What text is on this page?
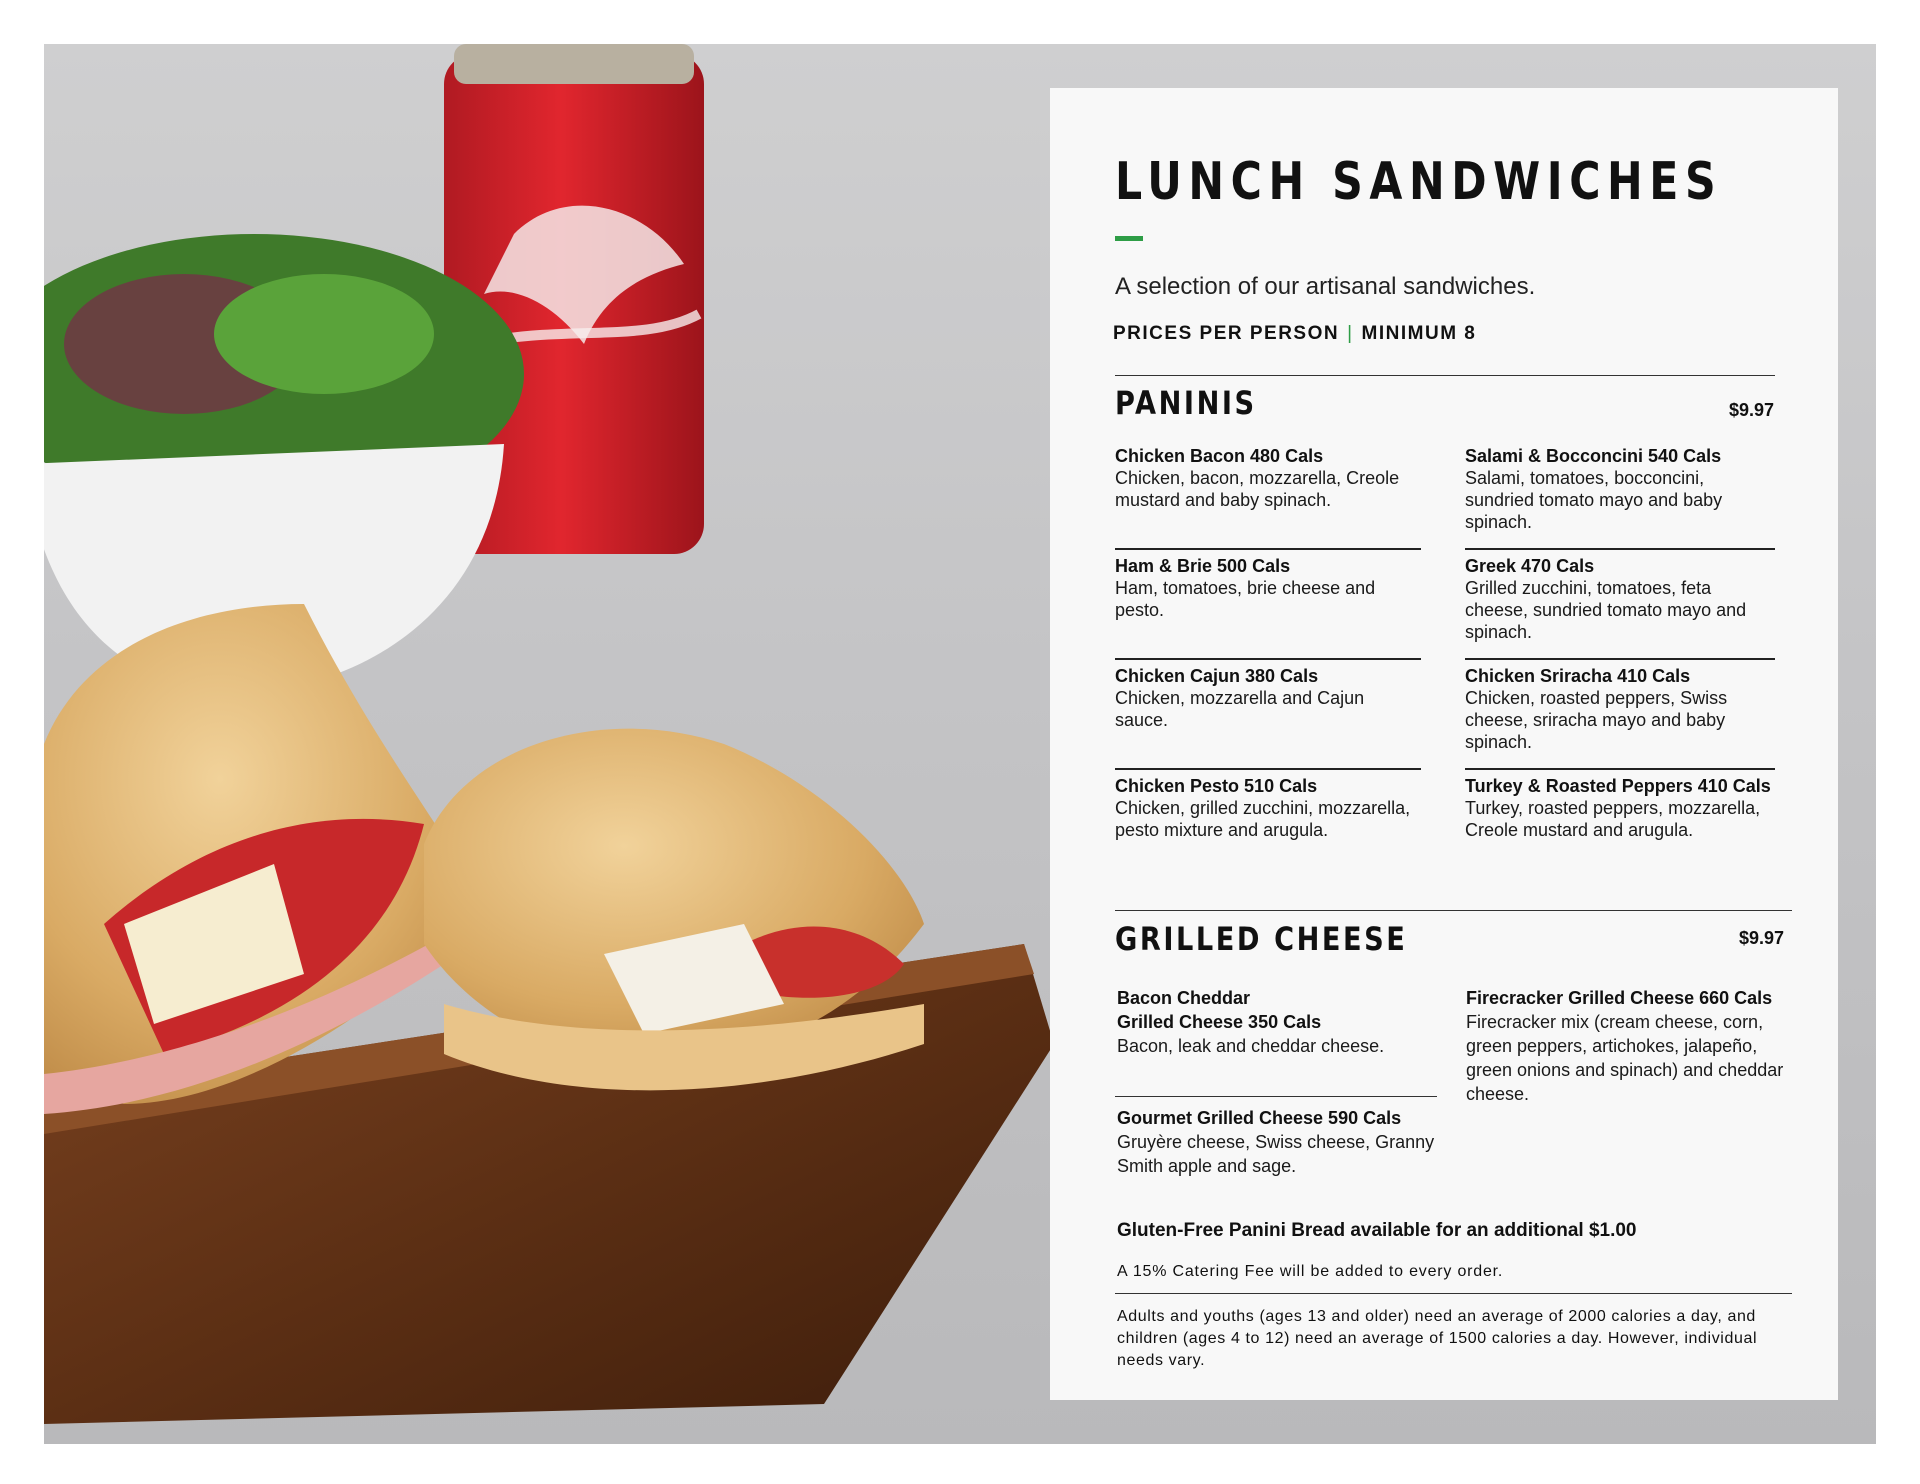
LUNCH SANDWICHES
A selection of our artisanal sandwiches.
PRICES PER PERSON | MINIMUM 8
PANINIS	$9.97
Chicken Bacon 480 Cals
Chicken, bacon, mozzarella, Creole mustard and baby spinach.
Salami & Bocconcini 540 Cals
Salami, tomatoes, bocconcini, sundried tomato mayo and baby spinach.
Ham & Brie 500 Cals
Ham, tomatoes, brie cheese and pesto.
Greek 470 Cals
Grilled zucchini, tomatoes, feta cheese, sundried tomato mayo and spinach.
Chicken Cajun 380 Cals
Chicken, mozzarella and Cajun sauce.
Chicken Sriracha 410 Cals
Chicken, roasted peppers, Swiss cheese, sriracha mayo and baby spinach.
Chicken Pesto 510 Cals
Chicken, grilled zucchini, mozzarella, pesto mixture and arugula.
Turkey & Roasted Peppers 410 Cals
Turkey, roasted peppers, mozzarella, Creole mustard and arugula.
GRILLED CHEESE	$9.97
Bacon Cheddar
Grilled Cheese 350 Cals
Bacon, leak and cheddar cheese.
Firecracker Grilled Cheese 660 Cals
Firecracker mix (cream cheese, corn, green peppers, artichokes, jalapeño, green onions and spinach) and cheddar cheese.
Gourmet Grilled Cheese 590 Cals
Gruyère cheese, Swiss cheese, Granny Smith apple and sage.
Gluten-Free Panini Bread available for an additional $1.00
A 15% Catering Fee will be added to every order.
Adults and youths (ages 13 and older) need an average of 2000 calories a day, and children (ages 4 to 12) need an average of 1500 calories a day. However, individual needs vary.
